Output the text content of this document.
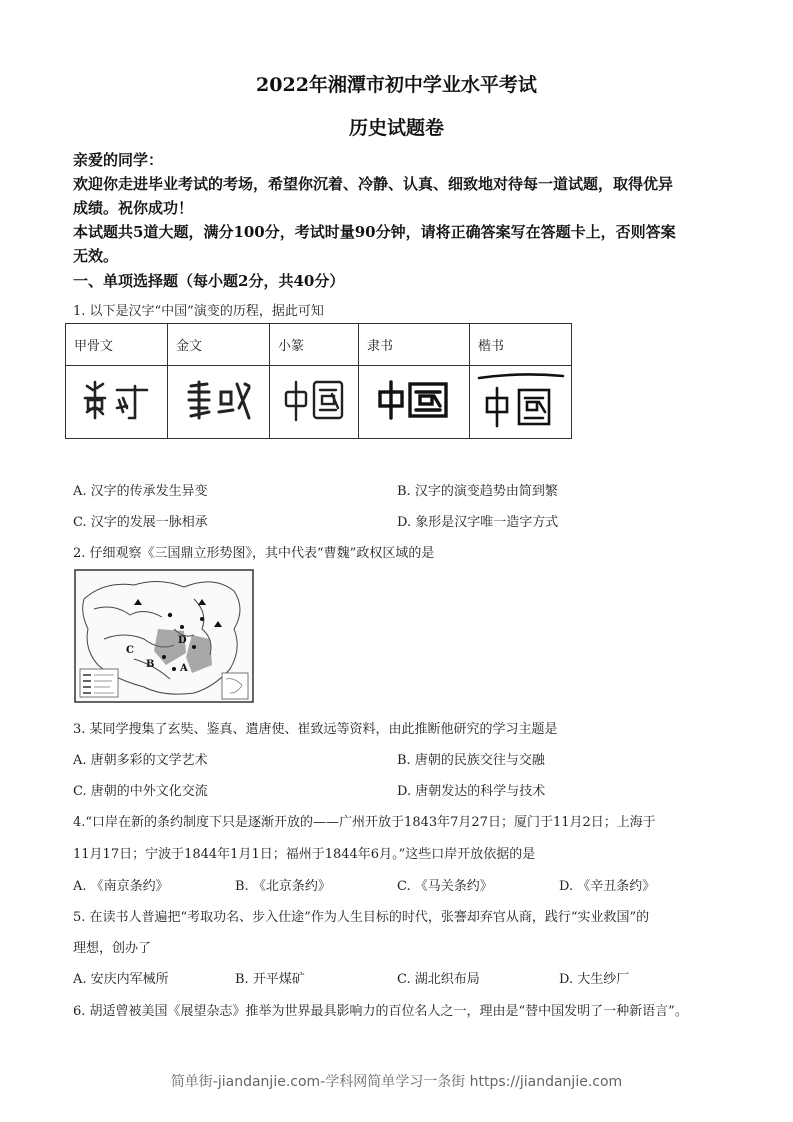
2022年湘潭市初中学业水平考试
历史试题卷
亲爱的同学：
欢迎你走进毕业考试的考场，希望你沉着、冷静、认真、细致地对待每一道试题，取得优异
成绩。祝你成功！
本试题共5道大题，满分100分，考试时量90分钟，请将正确答案写在答题卡上，否则答案
无效。
一、单项选择题（每小题2分，共40分）
1. 以下是汉字“中国”演变的历程，据此可知
甲骨文	金文	小篆	隶书	楷书

A. 汉字的传承发生异变	B. 汉字的演变趋势由简到繁
C. 汉字的发展一脉相承	D. 象形是汉字唯一造字方式
2. 仔细观察《三国鼎立形势图》，其中代表“曹魏”政权区域的是
A
B
C
D
3. 某同学搜集了玄奘、鉴真、遣唐使、崔致远等资料，由此推断他研究的学习主题是
A. 唐朝多彩的文学艺术	B. 唐朝的民族交往与交融
C. 唐朝的中外文化交流	D. 唐朝发达的科学与技术
4.“口岸在新的条约制度下只是逐渐开放的——广州开放于1843年7月27日；厦门于11月2日；上海于
11月17日；宁波于1844年1月1日；福州于1844年6月。”这些口岸开放依据的是
A. 《南京条约》	B. 《北京条约》	C. 《马关条约》	D. 《辛丑条约》
5. 在读书人普遍把“考取功名、步入仕途”作为人生目标的时代，张謇却弃官从商，践行“实业救国”的
理想，创办了
A. 安庆内军械所	B. 开平煤矿	C. 湖北织布局	D. 大生纱厂
6. 胡适曾被美国《展望杂志》推举为世界最具影响力的百位名人之一，理由是“替中国发明了一种新语言”。
简单街-jiandanjie.com-学科网简单学习一条街 https://jiandanjie.com
